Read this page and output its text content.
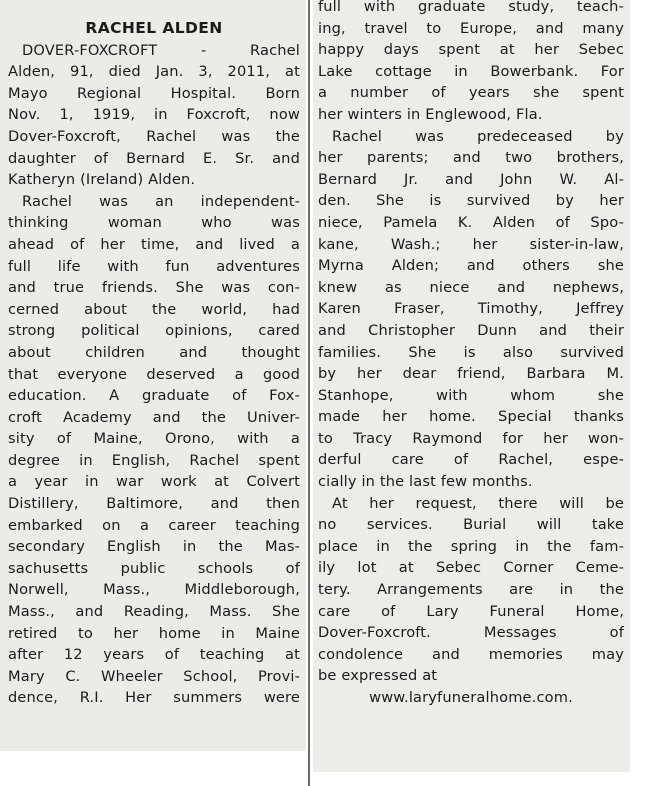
RACHEL ALDEN
DOVER-FOXCROFT - Rachel
Alden, 91, died Jan. 3, 2011, at
Mayo Regional Hospital. Born
Nov. 1, 1919, in Foxcroft, now
Dover-Foxcroft, Rachel was the
daughter of Bernard E. Sr. and
Katheryn (Ireland) Alden.
Rachel was an independent-
thinking woman who was
ahead of her time, and lived a
full life with fun adventures
and true friends. She was con-
cerned about the world, had
strong political opinions, cared
about children and thought
that everyone deserved a good
education. A graduate of Fox-
croft Academy and the Univer-
sity of Maine, Orono, with a
degree in English, Rachel spent
a year in war work at Colvert
Distillery, Baltimore, and then
embarked on a career teaching
secondary English in the Mas-
sachusetts public schools of
Norwell, Mass., Middleborough,
Mass., and Reading, Mass. She
retired to her home in Maine
after 12 years of teaching at
Mary C. Wheeler School, Provi-
dence, R.I. Her summers were
full with graduate study, teach-
ing, travel to Europe, and many
happy days spent at her Sebec
Lake cottage in Bowerbank. For
a number of years she spent
her winters in Englewood, Fla.
Rachel was predeceased by
her parents; and two brothers,
Bernard Jr. and John W. Al-
den. She is survived by her
niece, Pamela K. Alden of Spo-
kane, Wash.; her sister-in-law,
Myrna Alden; and others she
knew as niece and nephews,
Karen Fraser, Timothy, Jeffrey
and Christopher Dunn and their
families. She is also survived
by her dear friend, Barbara M.
Stanhope, with whom she
made her home. Special thanks
to Tracy Raymond for her won-
derful care of Rachel, espe-
cially in the last few months.
At her request, there will be
no services. Burial will take
place in the spring in the fam-
ily lot at Sebec Corner Ceme-
tery. Arrangements are in the
care of Lary Funeral Home,
Dover-Foxcroft. Messages of
condolence and memories may
be expressed at
www.laryfuneralhome.com.
